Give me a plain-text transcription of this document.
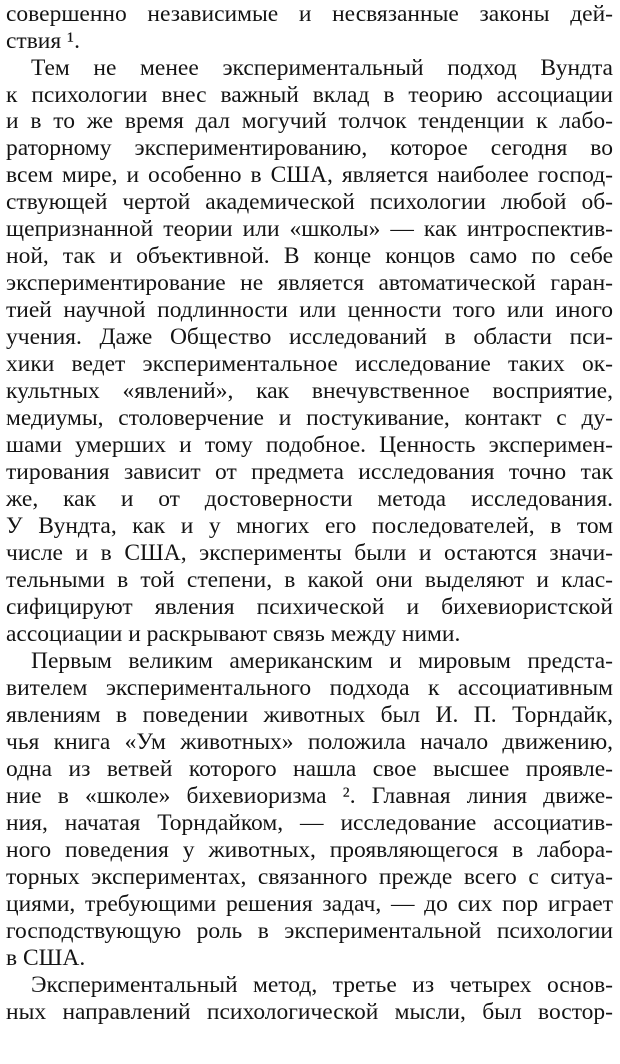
совершенно независимые и несвязанные законы дей-
ствия ¹.
Тем не менее экспериментальный подход Вундта
к психологии внес важный вклад в теорию ассоциации
и в то же время дал могучий толчок тенденции к лабо-
раторному экспериментированию, которое сегодня во
всем мире, и особенно в США, является наиболее господ-
ствующей чертой академической психологии любой об-
щепризнанной теории или «школы» — как интроспектив-
ной, так и объективной. В конце концов само по себе
экспериментирование не является автоматической гаран-
тией научной подлинности или ценности того или иного
учения. Даже Общество исследований в области пси-
хики ведет экспериментальное исследование таких ок-
культных «явлений», как внечувственное восприятие,
медиумы, столоверчение и постукивание, контакт с ду-
шами умерших и тому подобное. Ценность эксперимен-
тирования зависит от предмета исследования точно так
же, как и от достоверности метода исследования.
У Вундта, как и у многих его последователей, в том
числе и в США, эксперименты были и остаются значи-
тельными в той степени, в какой они выделяют и клас-
сифицируют явления психической и бихевиористской
ассоциации и раскрывают связь между ними.
Первым великим американским и мировым предста-
вителем экспериментального подхода к ассоциативным
явлениям в поведении животных был И. П. Торндайк,
чья книга «Ум животных» положила начало движению,
одна из ветвей которого нашла свое высшее проявле-
ние в «школе» бихевиоризма ². Главная линия движе-
ния, начатая Торндайком, — исследование ассоциатив-
ного поведения у животных, проявляющегося в лабора-
торных экспериментах, связанного прежде всего с ситуа-
циями, требующими решения задач, — до сих пор играет
господствующую роль в экспериментальной психологии
в США.
Экспериментальный метод, третье из четырех основ-
ных направлений психологической мысли, был востор-
